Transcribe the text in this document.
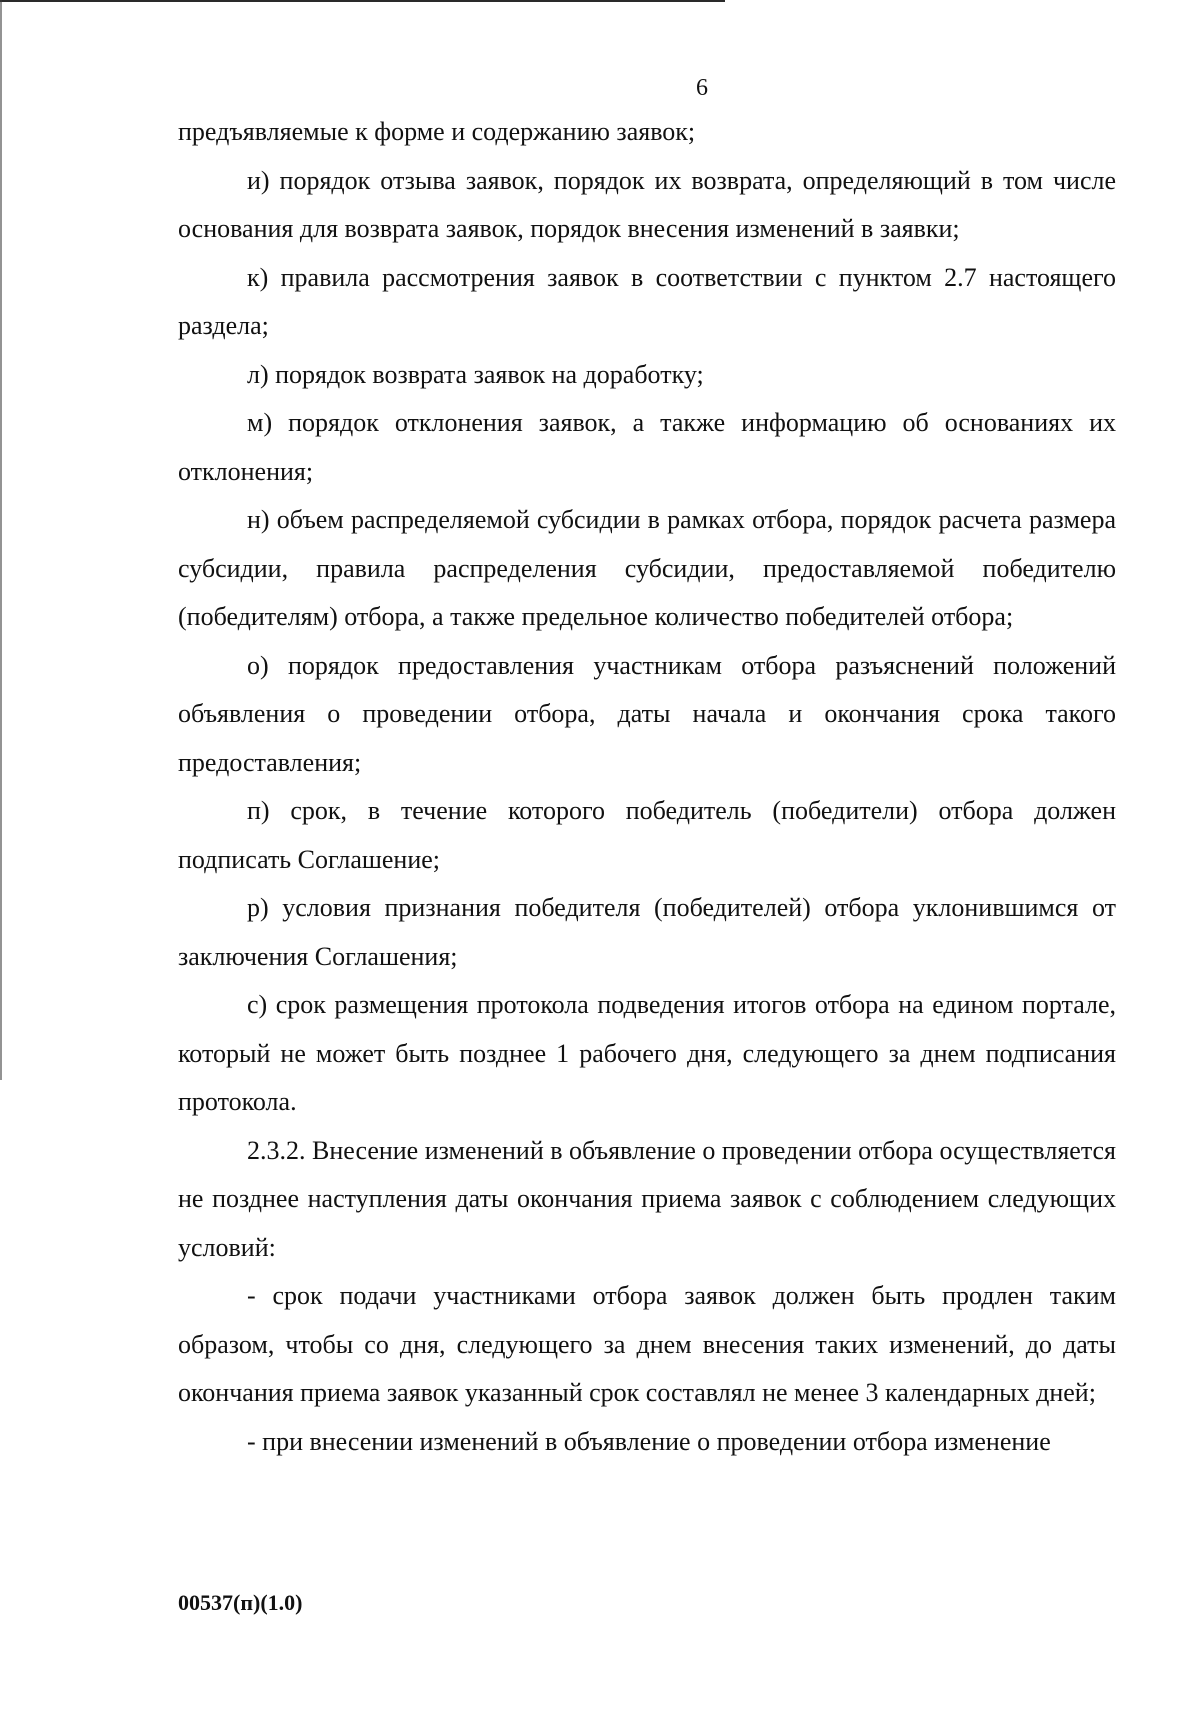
6

предъявляемые к форме и содержанию заявок;

и) порядок отзыва заявок, порядок их возврата, определяющий в том числе основания для возврата заявок, порядок внесения изменений в заявки;

к) правила рассмотрения заявок в соответствии с пунктом 2.7 настоящего раздела;

л) порядок возврата заявок на доработку;

м) порядок отклонения заявок, а также информацию об основаниях их отклонения;

н) объем распределяемой субсидии в рамках отбора, порядок расчета размера субсидии, правила распределения субсидии, предоставляемой победителю (победителям) отбора, а также предельное количество победителей отбора;

о) порядок предоставления участникам отбора разъяснений положений объявления о проведении отбора, даты начала и окончания срока такого предоставления;

п) срок, в течение которого победитель (победители) отбора должен подписать Соглашение;

р) условия признания победителя (победителей) отбора уклонившимся от заключения Соглашения;

с) срок размещения протокола подведения итогов отбора на едином портале, который не может быть позднее 1 рабочего дня, следующего за днем подписания протокола.

2.3.2. Внесение изменений в объявление о проведении отбора осуществляется не позднее наступления даты окончания приема заявок с соблюдением следующих условий:

- срок подачи участниками отбора заявок должен быть продлен таким образом, чтобы со дня, следующего за днем внесения таких изменений, до даты окончания приема заявок указанный срок составлял не менее 3 календарных дней;

- при внесении изменений в объявление о проведении отбора изменение

00537(п)(1.0)
